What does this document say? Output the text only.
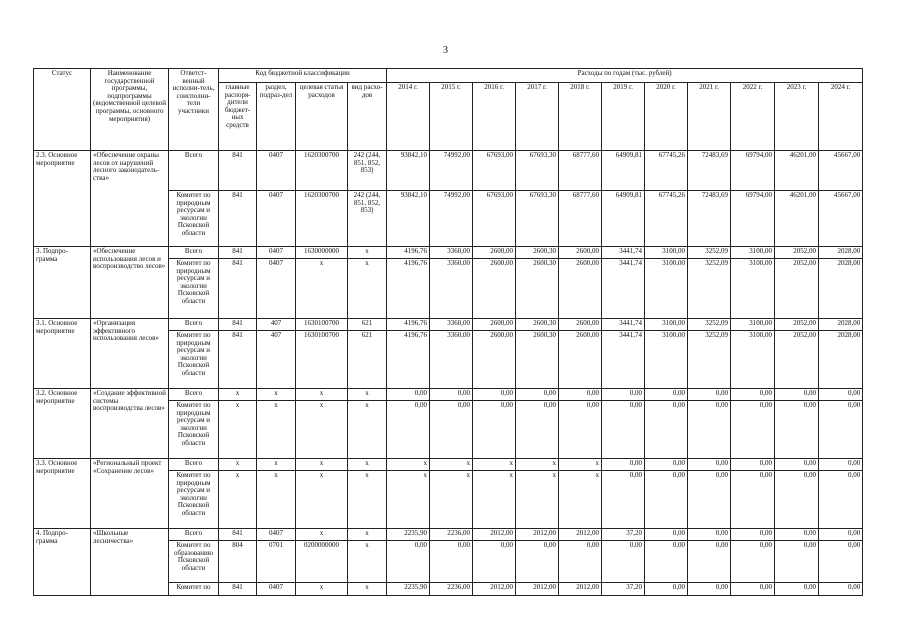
3
Статус	Наименование государственной программы, подпрограммы (ведомственной целевой программы, основного мероприятия)	Ответст-венный исполни-тель, соисполни-тели участники	Код бюджетной классификации				Расходы по годам (тыс. рублей)										
			главные распоря-дители бюджет-ных средств	раздел, подраз-дел	целевая статья расходов	вид расхо-дов	2014 г.	2015 г.	2016 г.	2017 г.	2018 г.	2019 г.	2020 г.	2021 г.	2022 г.	2023 г.	2024 г.
2.3. Основное мероприятие	«Обеспечение охраны лесов от нарушений лесного законодатель-ства»	Всего	841	0407	1620300700	242 (244, 851, 852, 853)	93842,10	74992,00	67693,00	67693,30	68777,60	64909,81	67745,26	72483,69	69794,00	46201,00	45667,00
		Комитет по природным ресурсам и экологии Псковской области	841	0407	1620300700	242 (244, 851, 852, 853)	93842,10	74992,00	67693,00	67693,30	68777,60	64909,81	67745,26	72483,69	69794,00	46201,00	45667,00
3. Подпро-грамма	«Обеспечение использования лесов и воспроизводство лесов»	Всего	841	0407	1630000000	х	4196,76	3360,00	2600,00	2600,30	2600,00	3441,74	3100,00	3252,09	3100,00	2052,00	2028,00
		Комитет по природным ресурсам и экологии Псковской области	841	0407	х	х	4196,76	3360,00	2600,00	2600,30	2600,00	3441,74	3100,00	3252,09	3100,00	2052,00	2028,00
3.1. Основное мероприятие	«Организация эффективного использования лесов»	Всего	841	407	1630100700	621	4196,76	3360,00	2600,00	2600,30	2600,00	3441,74	3100,00	3252,09	3100,00	2052,00	2028,00
		Комитет по природным ресурсам и экологии Псковской области	841	407	1630100700	621	4196,76	3360,00	2600,00	2600,30	2600,00	3441,74	3100,00	3252,09	3100,00	2052,00	2028,00
3.2. Основное мероприятие	«Создание эффективной системы воспроизводства лесов»	Всего	х	х	х	х	0,00	0,00	0,00	0,00	0,00	0,00	0,00	0,00	0,00	0,00	0,00
		Комитет по природным ресурсам и экологии Псковской области	х	х	х	х	0,00	0,00	0,00	0,00	0,00	0,00	0,00	0,00	0,00	0,00	0,00
3.3. Основное мероприятие	«Региональный проект «Сохранение лесов»	Всего	х	х	х	х	х	х	х	х	х	0,00	0,00	0,00	0,00	0,00	0,00
		Комитет по природным ресурсам и экологии Псковской области	х	х	х	х	х	х	х	х	х	0,00	0,00	0,00	0,00	0,00	0,00
4. Подпро-грамма	«Школьные лесничества»	Всего	841	0407	х	х	2235,90	2236,00	2012,00	2012,00	2012,00	37,20	0,00	0,00	0,00	0,00	0,00
		Комитет по образованию Псковской области	804	0701	0200000000	х	0,00	0,00	0,00	0,00	0,00	0,00	0,00	0,00	0,00	0,00	0,00
		Комитет по	841	0407	х	х	2235,90	2236,00	2012,00	2012,00	2012,00	37,20	0,00	0,00	0,00	0,00	0,00
